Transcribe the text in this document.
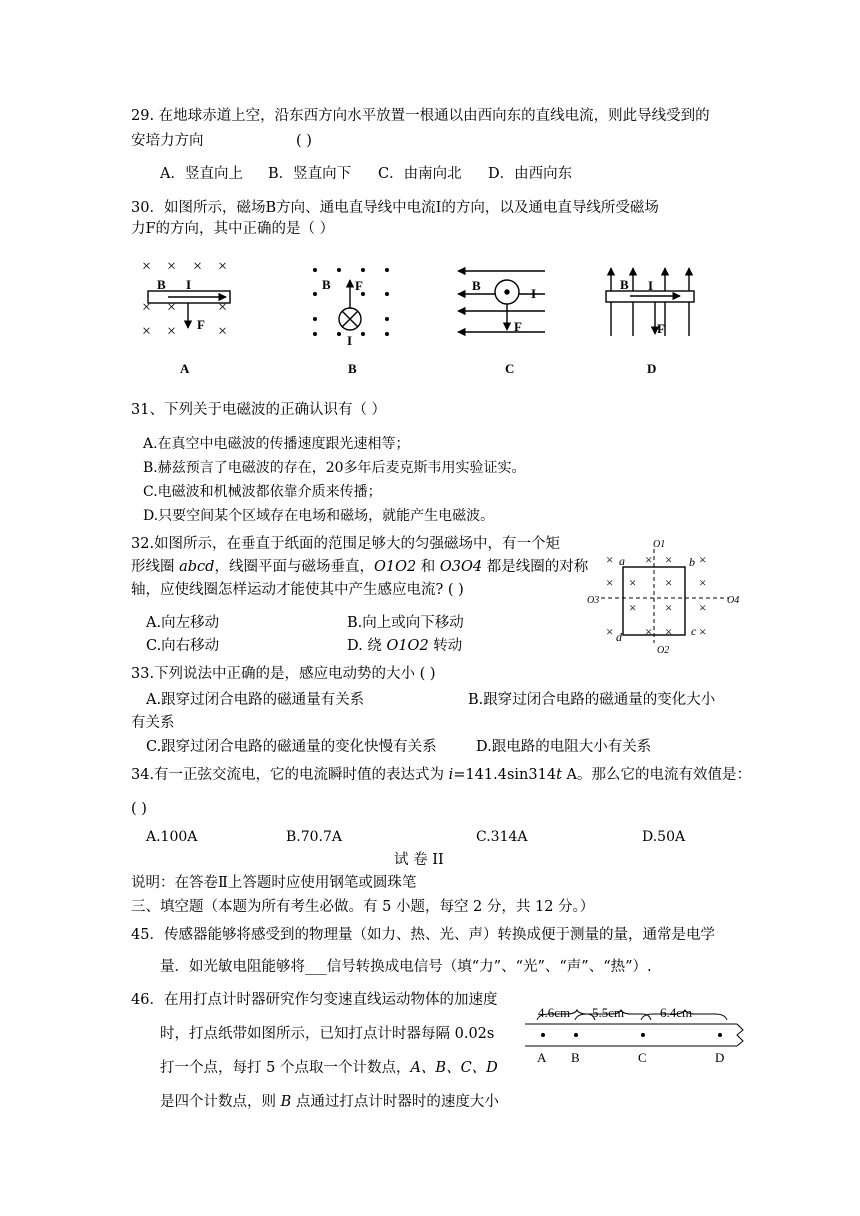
29. 在地球赤道上空，沿东西方向水平放置一根通以由西向东的直线电流，则此导线受到的
安培力方向	( )
A．竖直向上 B．竖直向下 C．由南向北 D．由西向东
30．如图所示，磁场B方向、通电直导线中电流I的方向，以及通电直导线所受磁场
力F的方向，其中正确的是（ ）
× × × ×
× ×	×
× ×	×
B I
F
A
B F
I
B
B
I
F
C
B I
F
D
31、下列关于电磁波的正确认识有（ ）
A.在真空中电磁波的传播速度跟光速相等；
B.赫兹预言了电磁波的存在，20多年后麦克斯韦用实验证实。
C.电磁波和机械波都依靠介质来传播；
D.只要空间某个区域存在电场和磁场，就能产生电磁波。
32.如图所示，在垂直于纸面的范围足够大的匀强磁场中，有一个矩
形线圈 abcd，线圈平面与磁场垂直，O1O2 和 O3O4 都是线圈的对称
轴，应使线圈怎样运动才能使其中产生感应电流? ( )
A.向左移动	B.向上或向下移动
C.向右移动	D. 绕 O1O2 转动
× × × ×
× × × ×
× × ×
× × × ×
a	b
c
d
O1
O2
O3	O4
33.下列说法中正确的是，感应电动势的大小 ( )
A.跟穿过闭合电路的磁通量有关系	B.跟穿过闭合电路的磁通量的变化大小
有关系
C.跟穿过闭合电路的磁通量的变化快慢有关系	D.跟电路的电阻大小有关系
34.有一正弦交流电，它的电流瞬时值的表达式为 i=141.4sin314t A。那么它的电流有效值是：
( )
A.100A	B.70.7A	C.314A	D.50A
试 卷 II
说明：在答卷Ⅱ上答题时应使用钢笔或圆珠笔
三、填空题（本题为所有考生必做。有 5 小题，每空 2 分，共 12 分。）
45．传感器能够将感受到的物理量（如力、热、光、声）转换成便于测量的量，通常是电学
量．如光敏电阻能够将___信号转换成电信号（填“力”、“光”、“声”、“热”）.
46．在用打点计时器研究作匀变速直线运动物体的加速度
时，打点纸带如图所示，已知打点计时器每隔 0.02s
打一个点，每打 5 个点取一个计数点，A、B、C、D
是四个计数点，则 B 点通过打点计时器时的速度大小
4.6cm 5.5cm	6.4cm
A B	C	D
